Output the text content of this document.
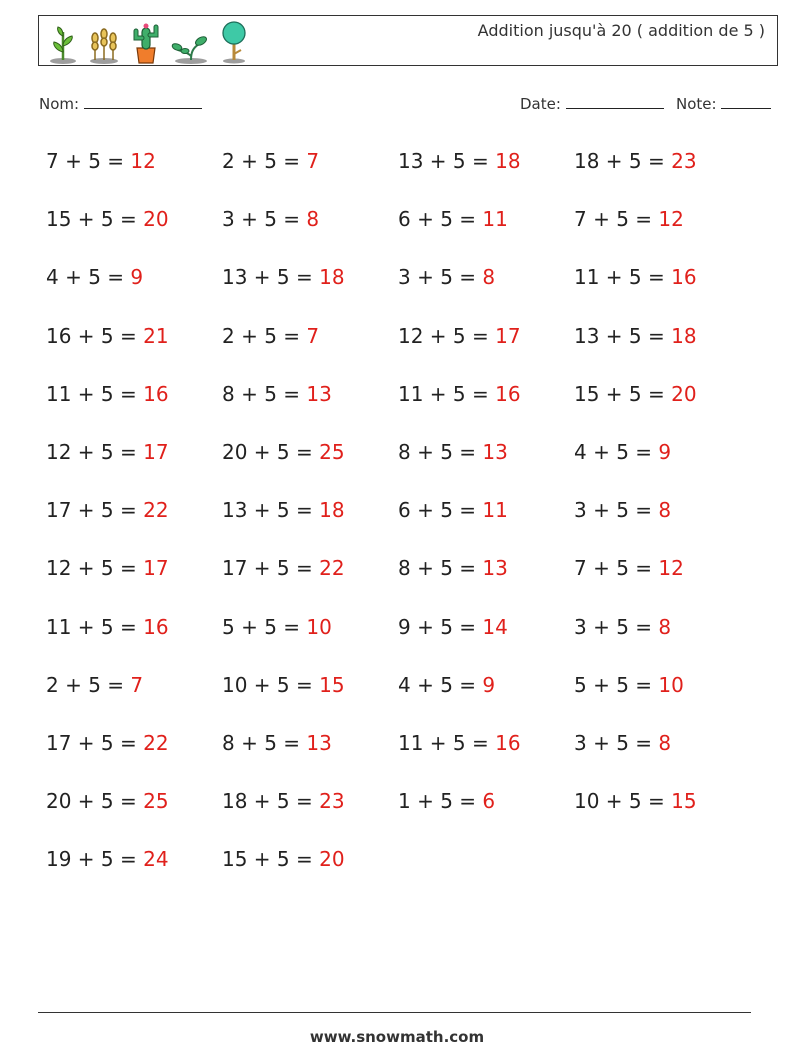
Addition jusqu'à 20 ( addition de 5 )
Nom:	Date:	Note:
7 + 5 = 12	2 + 5 = 7	13 + 5 = 18	18 + 5 = 23
15 + 5 = 20	3 + 5 = 8	6 + 5 = 11	7 + 5 = 12
4 + 5 = 9	13 + 5 = 18	3 + 5 = 8	11 + 5 = 16
16 + 5 = 21	2 + 5 = 7	12 + 5 = 17	13 + 5 = 18
11 + 5 = 16	8 + 5 = 13	11 + 5 = 16	15 + 5 = 20
12 + 5 = 17	20 + 5 = 25	8 + 5 = 13	4 + 5 = 9
17 + 5 = 22	13 + 5 = 18	6 + 5 = 11	3 + 5 = 8
12 + 5 = 17	17 + 5 = 22	8 + 5 = 13	7 + 5 = 12
11 + 5 = 16	5 + 5 = 10	9 + 5 = 14	3 + 5 = 8
2 + 5 = 7	10 + 5 = 15	4 + 5 = 9	5 + 5 = 10
17 + 5 = 22	8 + 5 = 13	11 + 5 = 16	3 + 5 = 8
20 + 5 = 25	18 + 5 = 23	1 + 5 = 6	10 + 5 = 15
19 + 5 = 24	15 + 5 = 20
www.snowmath.com
